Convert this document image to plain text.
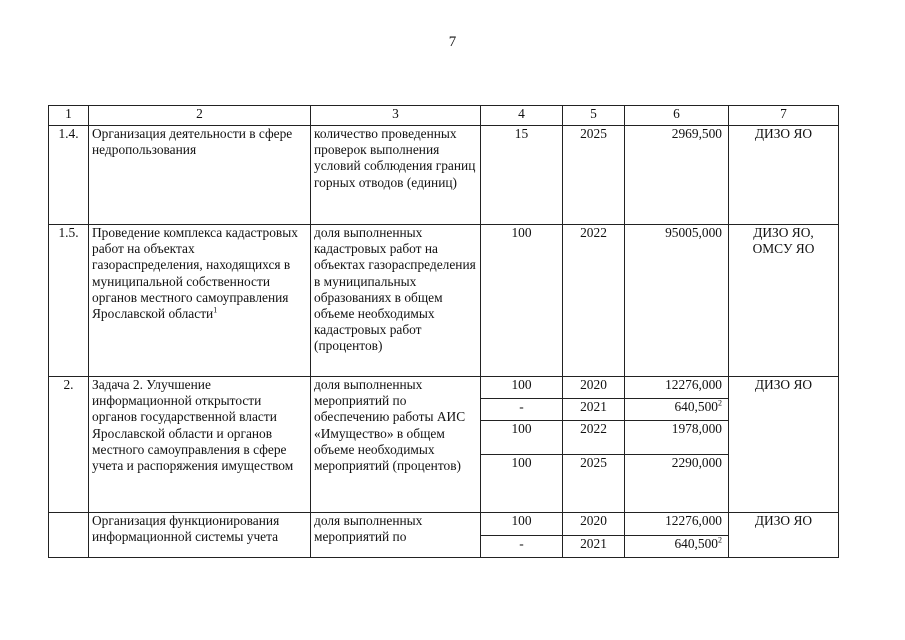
7
1	2	3	4	5	6	7
1.4.	Организация деятельности в сфере недропользования	количество проведенных проверок выполнения условий соблюдения границ горных отводов (единиц)	15	2025	2969,500	ДИЗО ЯО
1.5.	Проведение комплекса кадастровых работ на объектах газораспределения, находящихся в муниципальной собственности органов местного самоуправления Ярославской области$^1$	доля выполненных кадастровых работ на объектах газораспределения в муниципальных образованиях в общем объеме необходимых кадастровых работ (процентов)	100	2022	95005,000	ДИЗО ЯО, ОМСУ ЯО
2.	Задача 2. Улучшение информационной открытости органов государственной власти Ярославской области и органов местного самоуправления в сфере учета и распоряжения имуществом	доля выполненных мероприятий по обеспечению работы АИС «Имущество» в общем объеме необходимых мероприятий (процентов)	100	2020	12276,000	ДИЗО ЯО
			-	2021	640,500$^2$
			100	2022	1978,000	
			100	2025	2290,000	
	Организация функционирования информационной системы учета	доля выполненных мероприятий по	100	2020	12276,000	ДИЗО ЯО
			-	2021	640,500$^2$
